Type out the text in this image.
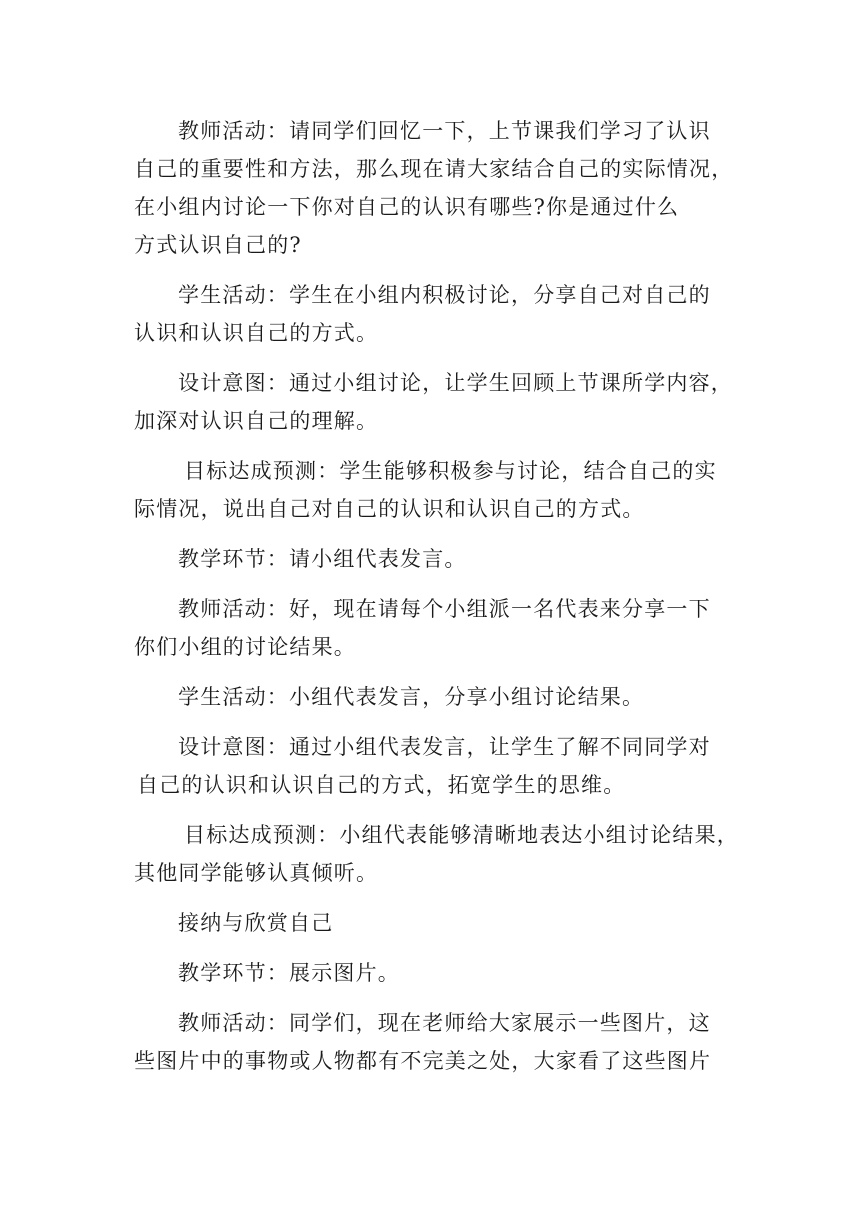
教师活动：请同学们回忆一下，上节课我们学习了认识
自己的重要性和方法，那么现在请大家结合自己的实际情况，
在小组内讨论一下你对自己的认识有哪些?你是通过什么
方式认识自己的?

学生活动：学生在小组内积极讨论，分享自己对自己的
认识和认识自己的方式。

设计意图：通过小组讨论，让学生回顾上节课所学内容，
加深对认识自己的理解。

目标达成预测：学生能够积极参与讨论，结合自己的实
际情况，说出自己对自己的认识和认识自己的方式。

教学环节：请小组代表发言。

教师活动：好，现在请每个小组派一名代表来分享一下
你们小组的讨论结果。

学生活动：小组代表发言，分享小组讨论结果。

设计意图：通过小组代表发言，让学生了解不同同学对
自己的认识和认识自己的方式，拓宽学生的思维。

目标达成预测：小组代表能够清晰地表达小组讨论结果，
其他同学能够认真倾听。

接纳与欣赏自己

教学环节：展示图片。

教师活动：同学们，现在老师给大家展示一些图片，这
些图片中的事物或人物都有不完美之处，大家看了这些图片
